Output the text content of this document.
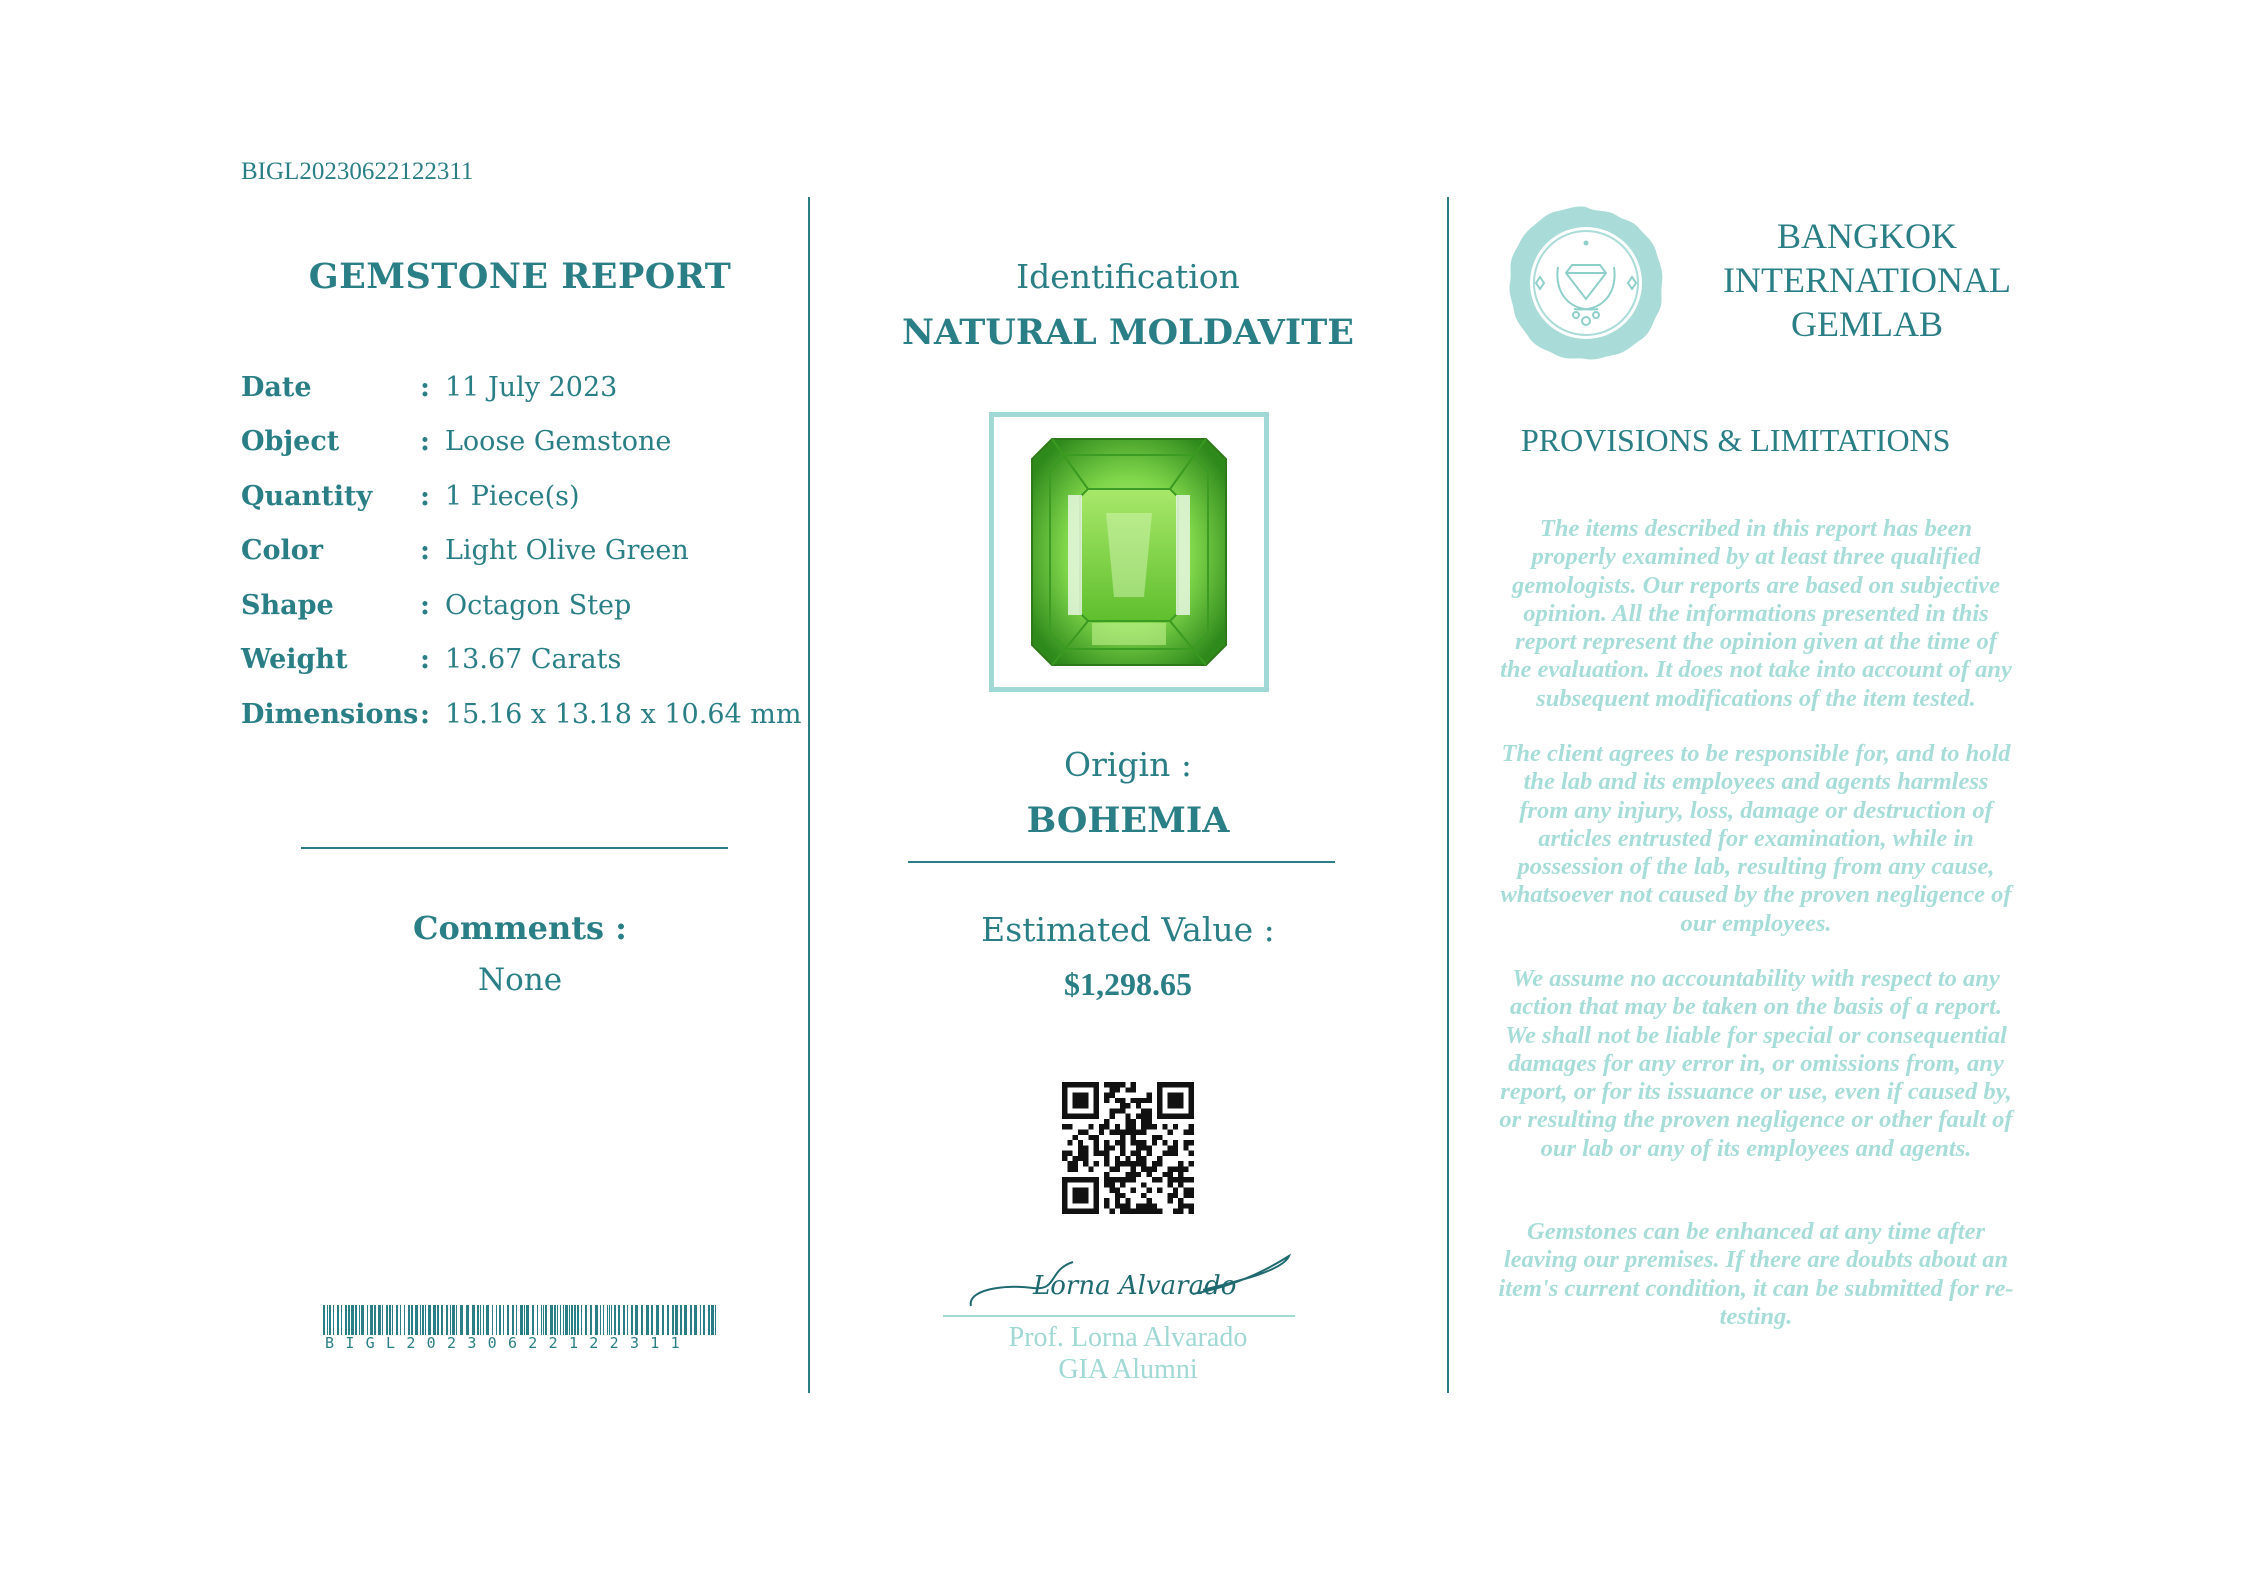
BIGL20230622122311
GEMSTONE REPORT
Date	: 11 July 2023
Object	: Loose Gemstone
Quantity : 1 Piece(s)
Color	: Light Olive Green
Shape	: Octagon Step
Weight	: 13.67 Carats
Dimensions : 15.16 x 13.18 x 10.64 mm
Comments :
None
BIGL20230622122311
Identification
NATURAL MOLDAVITE
Origin :
BOHEMIA
Estimated Value :
$1,298.65
Lorna Alvarado
Prof. Lorna Alvarado
GIA Alumni
BANGKOK
INTERNATIONAL
GEMLAB
PROVISIONS & LIMITATIONS
The items described in this report has been properly examined by at least three qualified gemologists. Our reports are based on subjective opinion. All the informations presented in this report represent the opinion given at the time of the evaluation. It does not take into account of any subsequent modifications of the item tested.
The client agrees to be responsible for, and to hold the lab and its employees and agents harmless from any injury, loss, damage or destruction of articles entrusted for examination, while in possession of the lab, resulting from any cause, whatsoever not caused by the proven negligence of our employees.
We assume no accountability with respect to any action that may be taken on the basis of a report. We shall not be liable for special or consequential damages for any error in, or omissions from, any report, or for its issuance or use, even if caused by, or resulting the proven negligence or other fault of our lab or any of its employees and agents.
Gemstones can be enhanced at any time after leaving our premises. If there are doubts about an item's current condition, it can be submitted for re-testing.
